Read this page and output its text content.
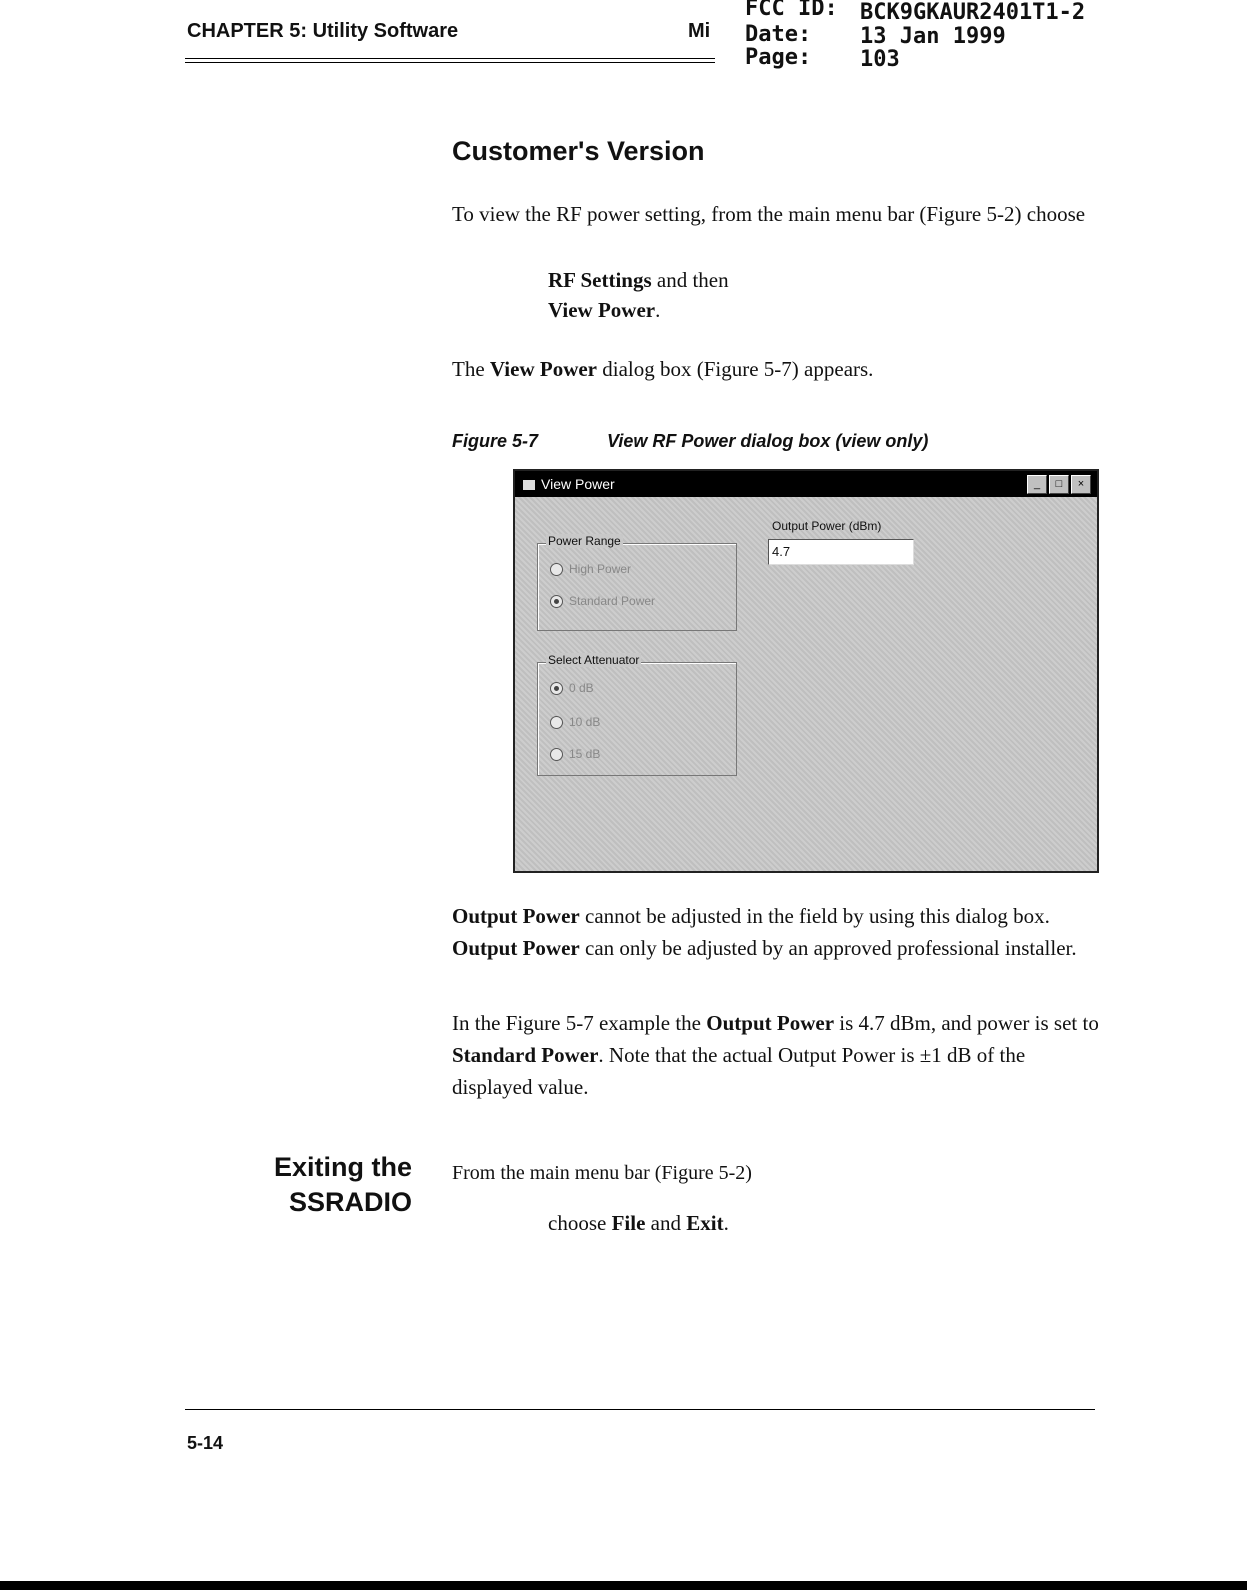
CHAPTER 5: Utility Software	Mi
FCC ID: BCK9GKAUR2401T1-2
Date: 13 Jan 1999
Page: 103
Customer's Version
To view the RF power setting, from the main menu bar (Figure 5-2) choose
RF Settings and then
View Power.
The View Power dialog box (Figure 5-7) appears.
Figure 5-7	View RF Power dialog box (view only)
View Power	_	□	×
Power Range
High Power
Standard Power
Select Attenuator
0 dB
10 dB
15 dB
Output Power (dBm)
4.7
Output Power cannot be adjusted in the field by using this dialog box. Output Power can only be adjusted by an approved professional installer.
In the Figure 5-7 example the Output Power is 4.7 dBm, and power is set to Standard Power. Note that the actual Output Power is ±1 dB of the displayed value.
Exiting the
SSRADIO
From the main menu bar (Figure 5-2)
choose File and Exit.
5-14
